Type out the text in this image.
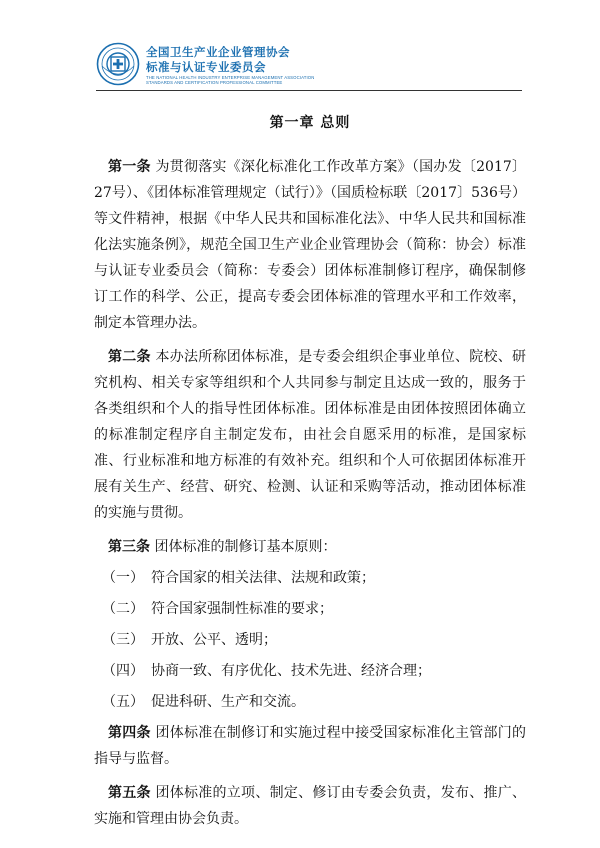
全国卫生产业企业管理协会
标准与认证专业委员会
THE NATIONAL HEALTH INDUSTRY ENTERPRISE MANAGEMENT ASSOCIATION
STANDARDS AND CERTIFICATION PROFESSIONAL COMMITTEE
第一章 总则

第一条 为贯彻落实《深化标准化工作改革方案》（国办发〔2017〕27号）、《团体标准管理规定（试行）》（国质检标联〔2017〕536号）等文件精神，根据《中华人民共和国标准化法》、中华人民共和国标准化法实施条例》，规范全国卫生产业企业管理协会（简称：协会）标准与认证专业委员会（简称：专委会）团体标准制修订程序，确保制修订工作的科学、公正，提高专委会团体标准的管理水平和工作效率，制定本管理办法。

第二条 本办法所称团体标准，是专委会组织企事业单位、院校、研究机构、相关专家等组织和个人共同参与制定且达成一致的，服务于各类组织和个人的指导性团体标准。团体标准是由团体按照团体确立的标准制定程序自主制定发布，由社会自愿采用的标准，是国家标准、行业标准和地方标准的有效补充。组织和个人可依据团体标准开展有关生产、经营、研究、检测、认证和采购等活动，推动团体标准的实施与贯彻。

第三条 团体标准的制修订基本原则：

（一）　符合国家的相关法律、法规和政策；

（二）　符合国家强制性标准的要求；

（三）　开放、公平、透明；

（四）　协商一致、有序优化、技术先进、经济合理；

（五）　促进科研、生产和交流。

第四条 团体标准在制修订和实施过程中接受国家标准化主管部门的指导与监督。

第五条 团体标准的立项、制定、修订由专委会负责，发布、推广、实施和管理由协会负责。
